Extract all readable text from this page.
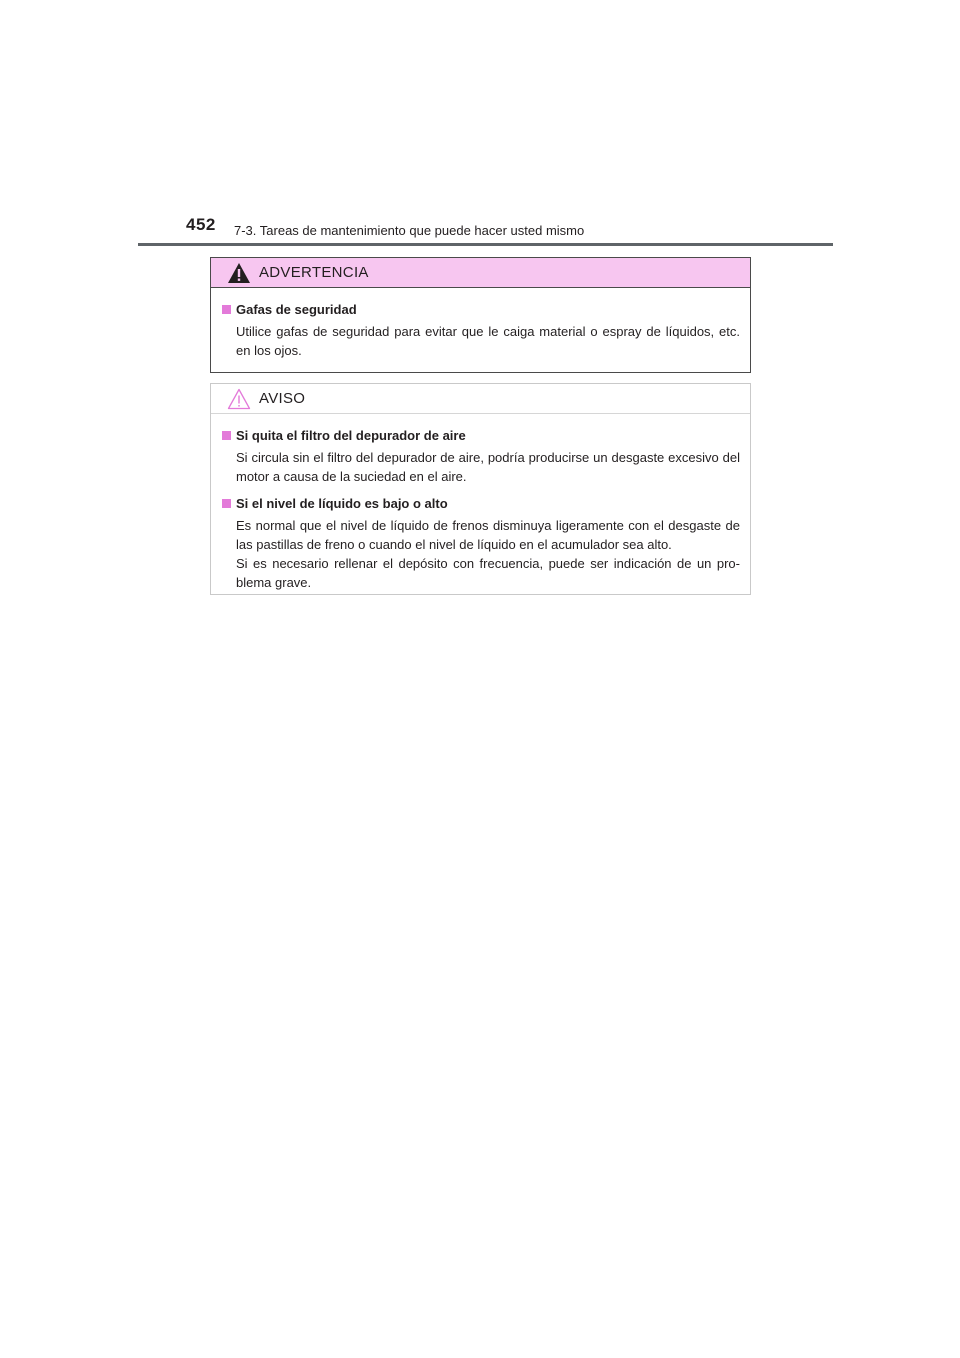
452 7-3. Tareas de mantenimiento que puede hacer usted mismo
ADVERTENCIA
Gafas de seguridad

Utilice gafas de seguridad para evitar que le caiga material o espray de líquidos, etc. en los ojos.

AVISO
Si quita el filtro del depurador de aire

Si circula sin el filtro del depurador de aire, podría producirse un desgaste excesivo del motor a causa de la suciedad en el aire.

Si el nivel de líquido es bajo o alto

Es normal que el nivel de líquido de frenos disminuya ligeramente con el desgaste de las pastillas de freno o cuando el nivel de líquido en el acumulador sea alto.

Si es necesario rellenar el depósito con frecuencia, puede ser indicación de un pro-blema grave.
